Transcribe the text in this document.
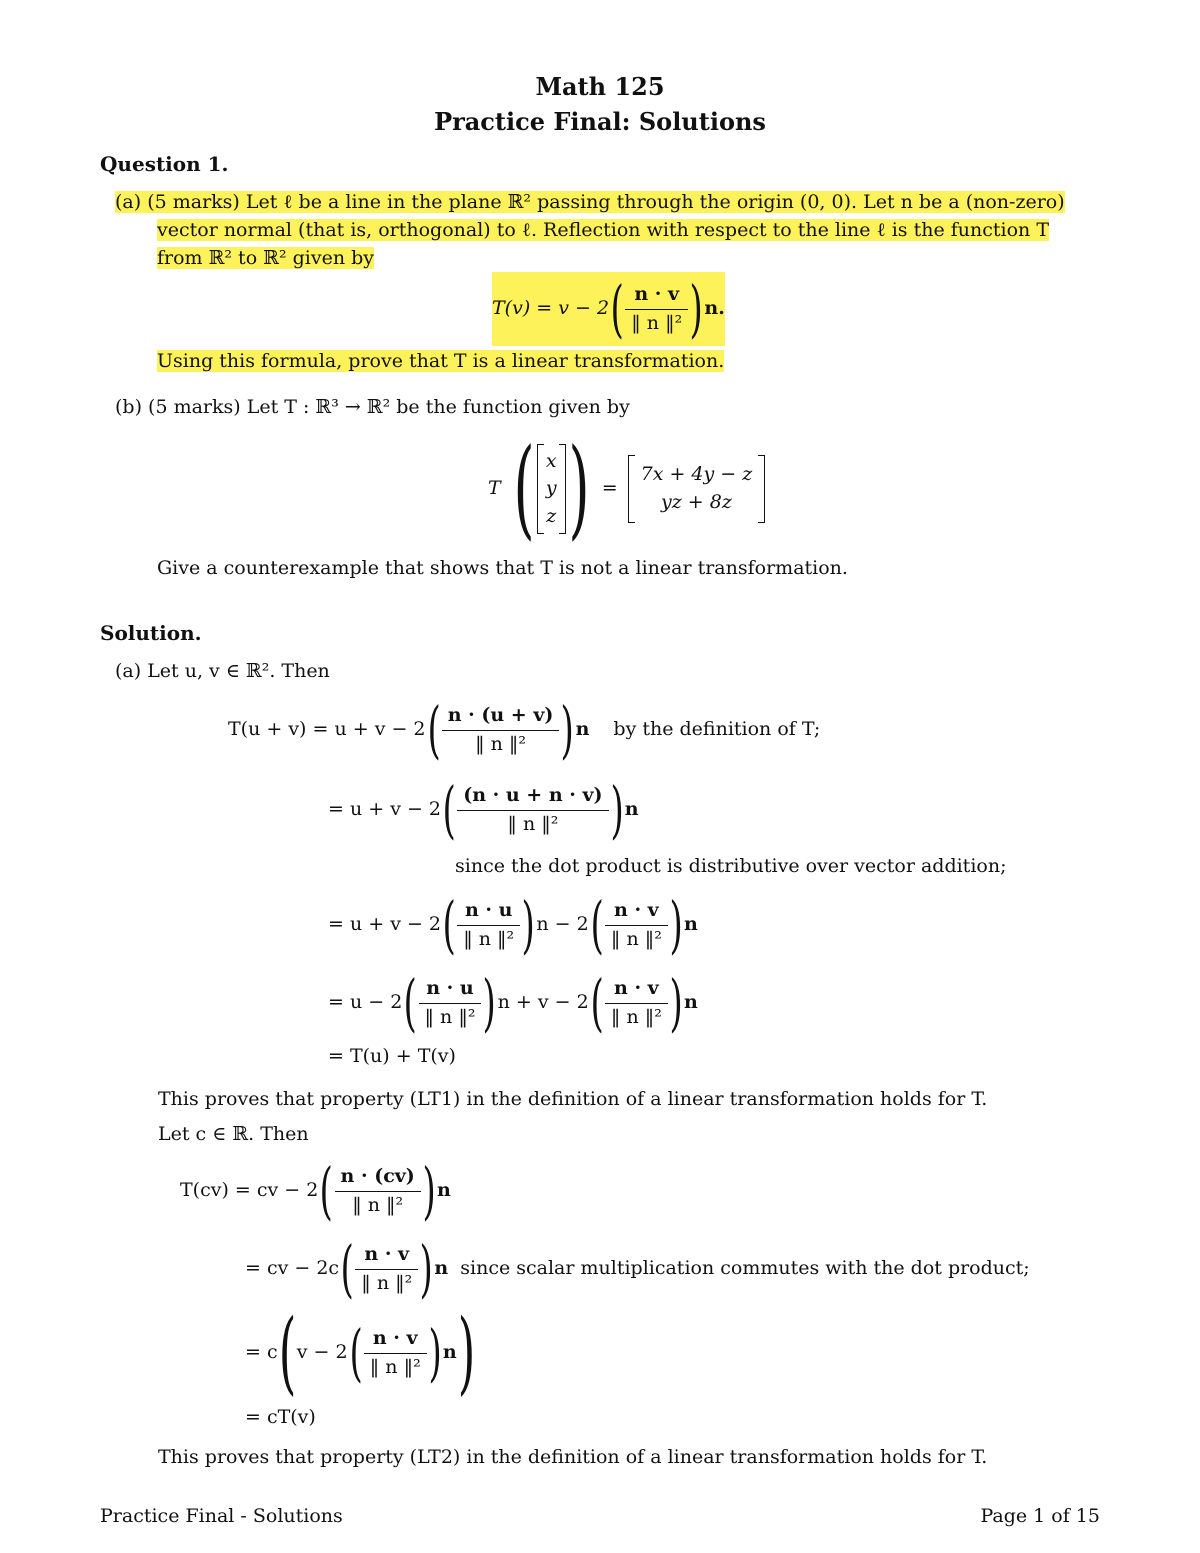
Math 125
Practice Final: Solutions
Question 1.
(a) (5 marks) Let ℓ be a line in the plane ℝ² passing through the origin (0, 0). Let n be a (non-zero)
vector normal (that is, orthogonal) to ℓ. Reflection with respect to the line ℓ is the function T
from ℝ² to ℝ² given by
T(v) = v − 2 ( $\frac{n \cdot v}{\text{‖ n ‖²}}$ ) n.
Using this formula, prove that T is a linear transformation.
(b) (5 marks) Let T : ℝ³ → ℝ² be the function given by
T ( x
y
z ) =
7x + 4y − z
yz + 8z
Give a counterexample that shows that T is not a linear transformation.
Solution.
(a) Let u, v ∈ ℝ². Then
T(u + v) = u + v − 2 ( $\frac{n \cdot (u + v)}{\text{‖ n ‖²}}$ ) n by the definition of T;
= u + v − 2 ( $\frac{(n \cdot u + n \cdot v)}{\text{‖ n ‖²}}$ ) n
since the dot product is distributive over vector addition;
= u + v − 2 ( $\frac{n \cdot u}{\text{‖ n ‖²}}$ ) n − 2 ( $\frac{n \cdot v}{\text{‖ n ‖²}}$ ) n
= u − 2 ( $\frac{n \cdot u}{\text{‖ n ‖²}}$ ) n + v − 2 ( $\frac{n \cdot v}{\text{‖ n ‖²}}$ ) n
= T(u) + T(v)
This proves that property (LT1) in the definition of a linear transformation holds for T.
Let c ∈ ℝ. Then
T(cv) = cv − 2 ( $\frac{n \cdot (cv)}{\text{‖ n ‖²}}$ ) n
= cv − 2c ( $\frac{n \cdot v}{\text{‖ n ‖²}}$ ) n since scalar multiplication commutes with the dot product;
= c ( v − 2 ( $\frac{n \cdot v}{\text{‖ n ‖²}}$ ) n )
= cT(v)
This proves that property (LT2) in the definition of a linear transformation holds for T.
Practice Final - Solutions	Page 1 of 15
